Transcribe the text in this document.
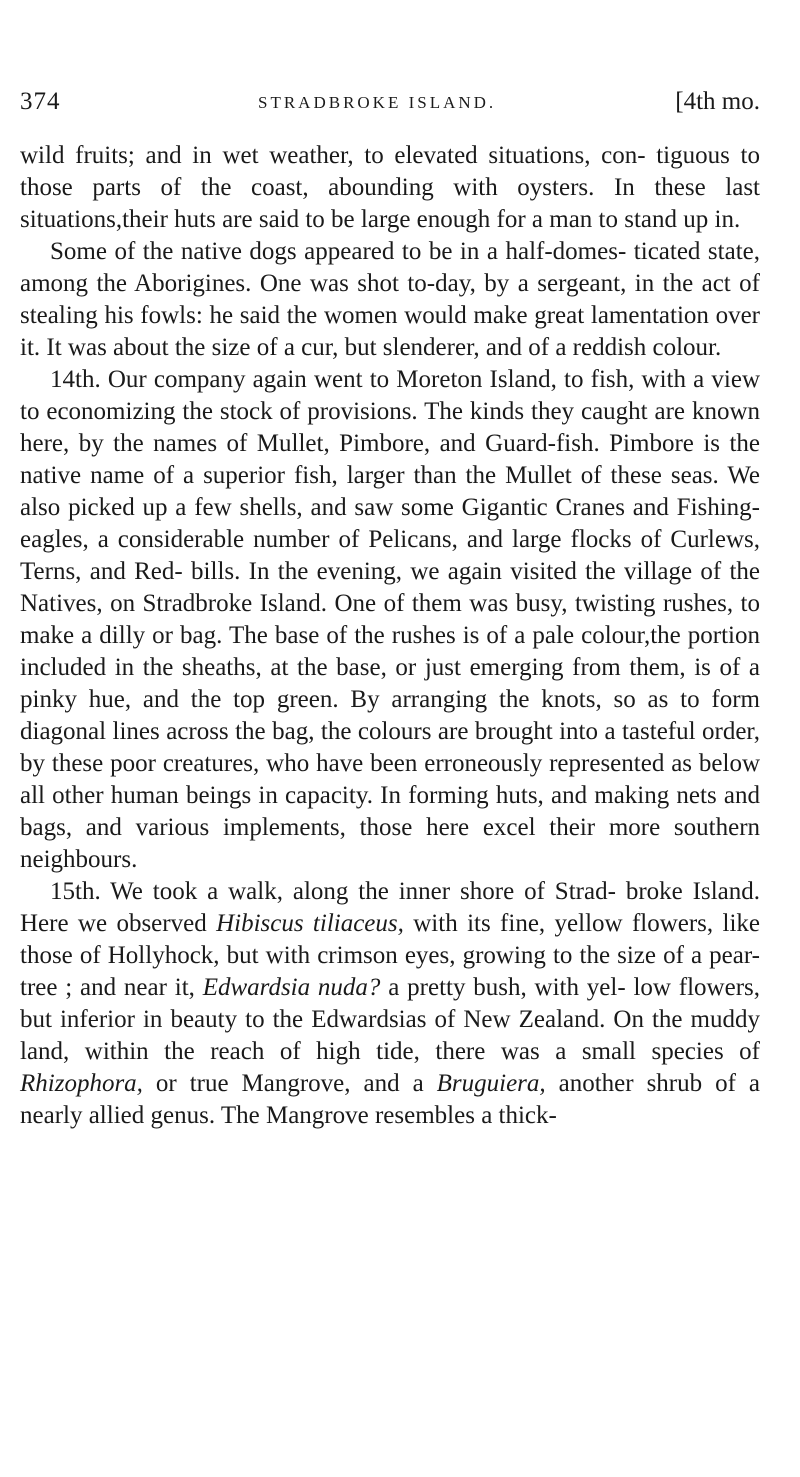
374	STRADBROKE ISLAND.	[4th mo.

wild fruits; and in wet weather, to elevated situations, con- tiguous to those parts of the coast, abounding with oysters. In these last situations,their huts are said to be large enough for a man to stand up in.

Some of the native dogs appeared to be in a half-domes- ticated state, among the Aborigines. One was shot to-day, by a sergeant, in the act of stealing his fowls: he said the women would make great lamentation over it. It was about the size of a cur, but slenderer, and of a reddish colour.

14th. Our company again went to Moreton Island, to fish, with a view to economizing the stock of provisions. The kinds they caught are known here, by the names of Mullet, Pimbore, and Guard-fish. Pimbore is the native name of a superior fish, larger than the Mullet of these seas. We also picked up a few shells, and saw some Gigantic Cranes and Fishing-eagles, a considerable number of Pelicans, and large flocks of Curlews, Terns, and Red- bills. In the evening, we again visited the village of the Natives, on Stradbroke Island. One of them was busy, twisting rushes, to make a dilly or bag. The base of the rushes is of a pale colour,the portion included in the sheaths, at the base, or just emerging from them, is of a pinky hue, and the top green. By arranging the knots, so as to form diagonal lines across the bag, the colours are brought into a tasteful order, by these poor creatures, who have been erroneously represented as below all other human beings in capacity. In forming huts, and making nets and bags, and various implements, those here excel their more southern neighbours.

15th. We took a walk, along the inner shore of Strad- broke Island. Here we observed Hibiscus tiliaceus, with its fine, yellow flowers, like those of Hollyhock, but with crimson eyes, growing to the size of a pear-tree ; and near it, Edwardsia nuda? a pretty bush, with yel- low flowers, but inferior in beauty to the Edwardsias of New Zealand. On the muddy land, within the reach of high tide, there was a small species of Rhizophora, or true Mangrove, and a Bruguiera, another shrub of a nearly allied genus. The Mangrove resembles a thick-
